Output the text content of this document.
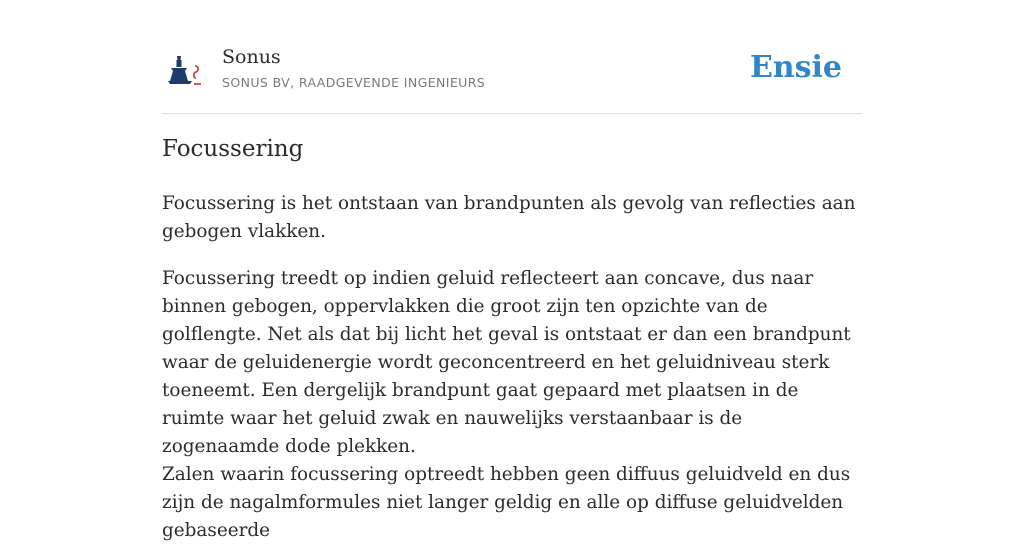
Sonus
SONUS BV, RAADGEVENDE INGENIEURS	Ensie
Focussering

Focussering is het ontstaan van brandpunten als gevolg van reflecties aan gebogen vlakken.

Focussering treedt op indien geluid reflecteert aan concave, dus naar binnen gebogen, oppervlakken die groot zijn ten opzichte van de golflengte. Net als dat bij licht het geval is ontstaat er dan een brandpunt waar de geluidenergie wordt geconcentreerd en het geluidniveau sterk toeneemt. Een dergelijk brandpunt gaat gepaard met plaatsen in de ruimte waar het geluid zwak en nauwelijks verstaanbaar is de zogenaamde dode plekken.

Zalen waarin focussering optreedt hebben geen diffuus geluidveld en dus zijn de nagalmformules niet langer geldig en alle op diffuse geluidvelden gebaseerde
